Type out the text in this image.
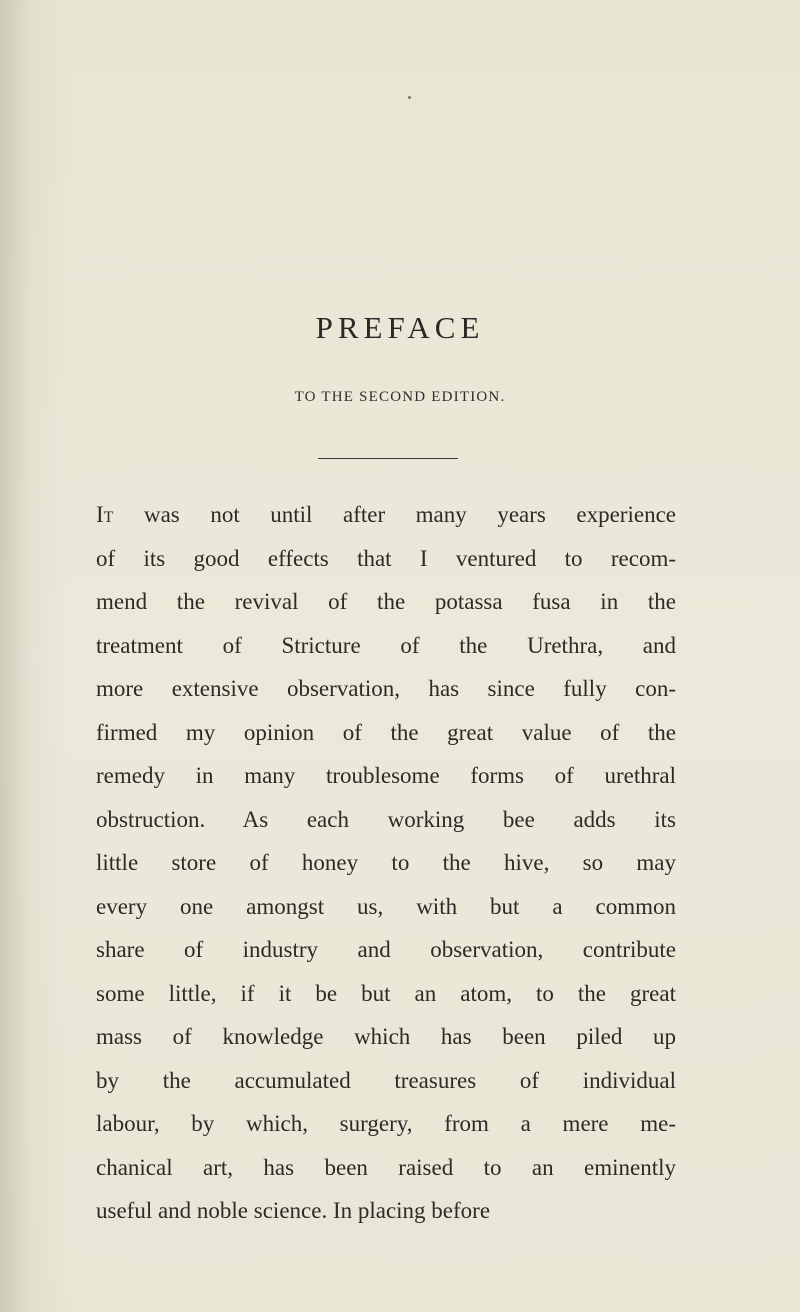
PREFACE
TO THE SECOND EDITION.
It was not until after many years experience
of its good effects that I ventured to recom-
mend the revival of the potassa fusa in the
treatment of Stricture of the Urethra, and
more extensive observation, has since fully con-
firmed my opinion of the great value of the
remedy in many troublesome forms of urethral
obstruction. As each working bee adds its
little store of honey to the hive, so may
every one amongst us, with but a common
share of industry and observation, contribute
some little, if it be but an atom, to the great
mass of knowledge which has been piled up
by the accumulated treasures of individual
labour, by which, surgery, from a mere me-
chanical art, has been raised to an eminently
useful and noble science. In placing before
